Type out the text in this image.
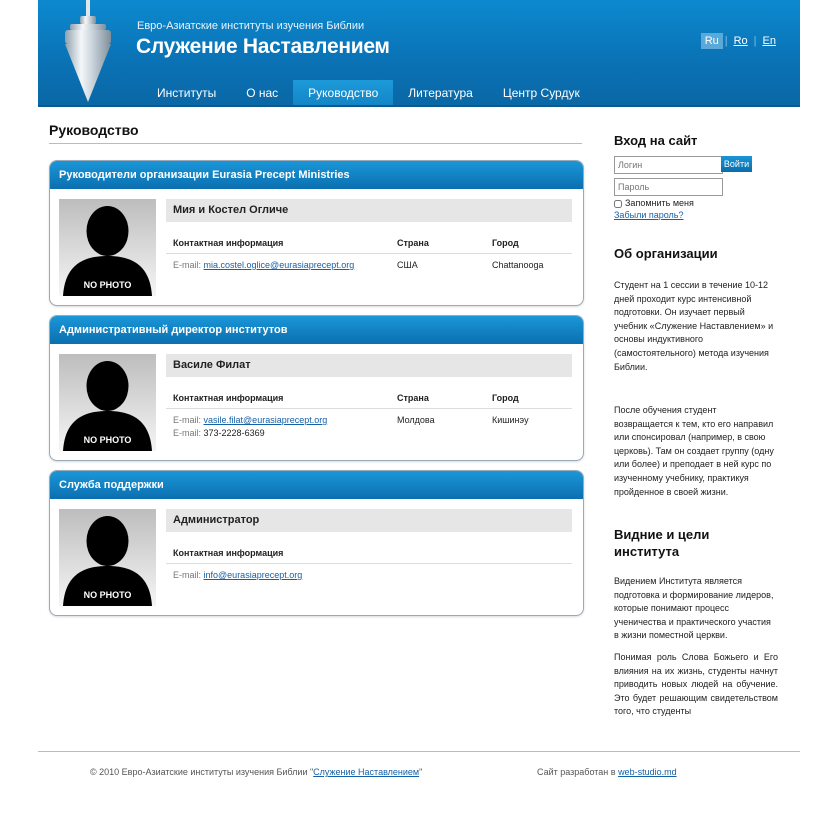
Евро-Азиатские институты изучения Библии
Служение Наставлением	Ru | Ro | En
Институты	О нас	Руководство	Литература	Центр Сурдук
Руководство
Руководители организации Eurasia Precept Ministries
NO PHOTO
Мия и Костел Огличе
Контактная информация	Страна	Город
E-mail: mia.costel.oglice@eurasiaprecept.org	США	Chattanooga
Административный директор институтов
NO PHOTO
Василе Филат
Контактная информация	Страна	Город
E-mail: vasile.filat@eurasiaprecept.org	Молдова	Кишинэу
E-mail: 373-2228-6369
Служба поддержки
NO PHOTO
Администратор
Контактная информация
E-mail: info@eurasiaprecept.org
Вход на сайт
Логин
Войти
Запомнить меня
Забыли пароль?
Об организации
Студент на 1 сессии в течение 10-12 дней проходит курс интенсивной подготовки. Он изучает первый учебник «Служение Наставлением» и основы индуктивного (самостоятельного) метода изучения Библии.
После обучения студент возвращается к тем, кто его направил или спонсировал (например, в свою церковь). Там он создает группу (одну или более) и преподает в ней курс по изученному учебнику, практикуя пройденное в своей жизни.
Видние и цели института
Видением Института является подготовка и формирование лидеров, которые понимают процесс ученичества и практического участия в жизни поместной церкви.
Понимая роль Слова Божьего и Его влияния на их жизнь, студенты начнут приводить новых людей на обучение. Это будет решающим свидетельством того, что студенты
© 2010 Евро-Азиатские институты изучения Библии "Служение Наставлением"	Сайт разработан в web-studio.md
